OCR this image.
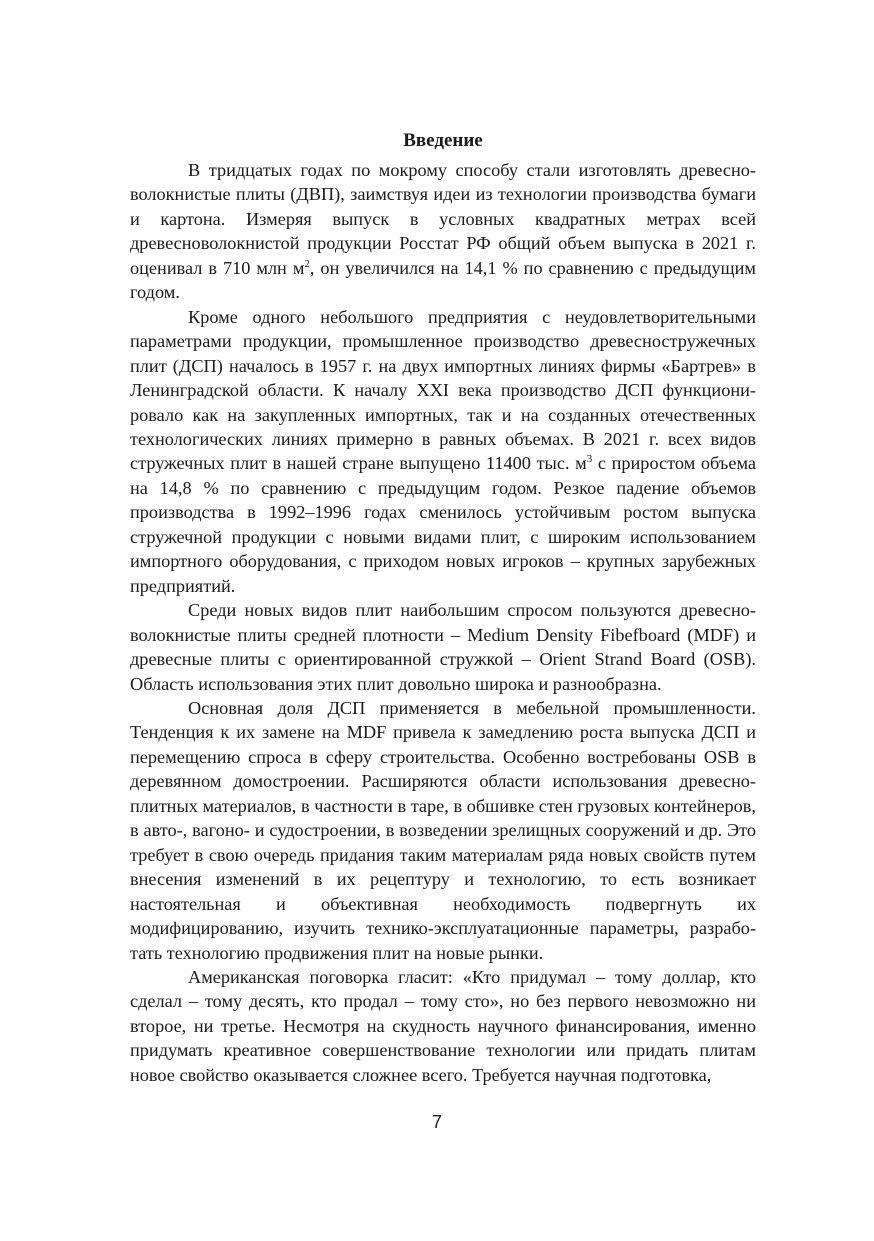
Введение

В тридцатых годах по мокрому способу стали изготовлять древесноволокнистые плиты (ДВП), заимствуя идеи из технологии производства бумаги и картона. Измеряя выпуск в условных квадратных метрах всей древесноволокнистой продукции Росстат РФ общий объем выпуска в 2021 г. оценивал в 710 млн $м^2$, он увеличился на 14,1 % по сравнению с предыдущим годом.

Кроме одного небольшого предприятия с неудовлетворительными параметрами продукции, промышленное производство древесностружечных плит (ДСП) началось в 1957 г. на двух импортных линиях фирмы «Бартрев» в Ленинградской области. К началу XXI века производство ДСП функционировало как на закупленных импортных, так и на созданных отечественных технологических линиях примерно в равных объемах. В 2021 г. всех видов стружечных плит в нашей стране выпущено 11400 тыс. $м^3$ с приростом объема на 14,8 % по сравнению с предыдущим годом. Резкое падение объемов производства в 1992–1996 годах сменилось устойчивым ростом выпуска стружечной продукции с новыми видами плит, с широким использованием импортного оборудования, с приходом новых игроков – крупных зарубежных предприятий.

Среди новых видов плит наибольшим спросом пользуются древесноволокнистые плиты средней плотности – Medium Density Fibefboard (MDF) и древесные плиты с ориентированной стружкой – Orient Strand Board (OSB). Область использования этих плит довольно широка и разнообразна.

Основная доля ДСП применяется в мебельной промышленности. Тенденция к их замене на MDF привела к замедлению роста выпуска ДСП и перемещению спроса в сферу строительства. Особенно востребованы OSB в деревянном домостроении. Расширяются области использования древесноплитных материалов, в частности в таре, в обшивке стен грузовых контейнеров, в авто-, вагоно- и судостроении, в возведении зрелищных сооружений и др. Это требует в свою очередь придания таким материалам ряда новых свойств путем внесения изменений в их рецептуру и технологию, то есть возникает настоятельная и объективная необходимость подвергнуть их модифицированию, изучить технико-эксплуатационные параметры, разработать технологию продвижения плит на новые рынки.

Американская поговорка гласит: «Кто придумал – тому доллар, кто сделал – тому десять, кто продал – тому сто», но без первого невозможно ни второе, ни третье. Несмотря на скудность научного финансирования, именно придумать креативное совершенствование технологии или придать плитам новое свойство оказывается сложнее всего. Требуется научная подготовка,

7
